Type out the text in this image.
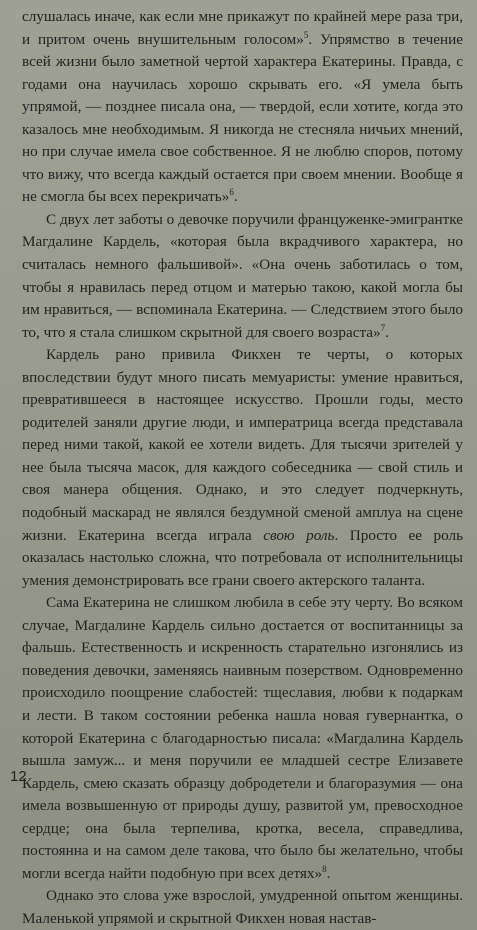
слушалась иначе, как если мне прикажут по крайней мере раза три, и притом очень внушительным голосом»$^5$. Упрямство в течение всей жизни было заметной чертой характера Екатерины. Правда, с годами она научилась хорошо скрывать его. «Я умела быть упрямой, — позднее писала она, — твердой, если хотите, когда это казалось мне необходимым. Я никогда не стесняла ничьих мнений, но при случае имела свое собственное. Я не люблю споров, потому что вижу, что всегда каждый остается при своем мнении. Вообще я не смогла бы всех перекричать»$^6$.

С двух лет заботы о девочке поручили француженке-эмигрантке Магдалине Кардель, «которая была вкрадчивого характера, но считалась немного фальшивой». «Она очень заботилась о том, чтобы я нравилась перед отцом и матерью такою, какой могла бы им нравиться, — вспоминала Екатерина. — Следствием этого было то, что я стала слишком скрытной для своего возраста»$^7$.

Кардель рано привила Фикхен те черты, о которых впоследствии будут много писать мемуаристы: умение нравиться, превратившееся в настоящее искусство. Прошли годы, место родителей заняли другие люди, и императрица всегда представала перед ними такой, какой ее хотели видеть. Для тысячи зрителей у нее была тысяча масок, для каждого собеседника — свой стиль и своя манера общения. Однако, и это следует подчеркнуть, подобный маскарад не являлся бездумной сменой амплуа на сцене жизни. Екатерина всегда играла свою роль. Просто ее роль оказалась настолько сложна, что потребовала от исполнительницы умения демонстрировать все грани своего актерского таланта.

Сама Екатерина не слишком любила в себе эту черту. Во всяком случае, Магдалине Кардель сильно достается от воспитанницы за фальшь. Естественность и искренность старательно изгонялись из поведения девочки, заменяясь наивным позерством. Одновременно происходило поощрение слабостей: тщеславия, любви к подаркам и лести. В таком состоянии ребенка нашла новая гувернантка, о которой Екатерина с благодарностью писала: «Магдалина Кардель вышла замуж... и меня поручили ее младшей сестре Елизавете Кардель, смею сказать образцу добродетели и благоразумия — она имела возвышенную от природы душу, развитой ум, превосходное сердце; она была терпелива, кротка, весела, справедлива, постоянна и на самом деле такова, что было бы желательно, чтобы могли всегда найти подобную при всех детях»$^8$.

Однако это слова уже взрослой, умудренной опытом женщины. Маленькой упрямой и скрытной Фикхен новая настав-

12
